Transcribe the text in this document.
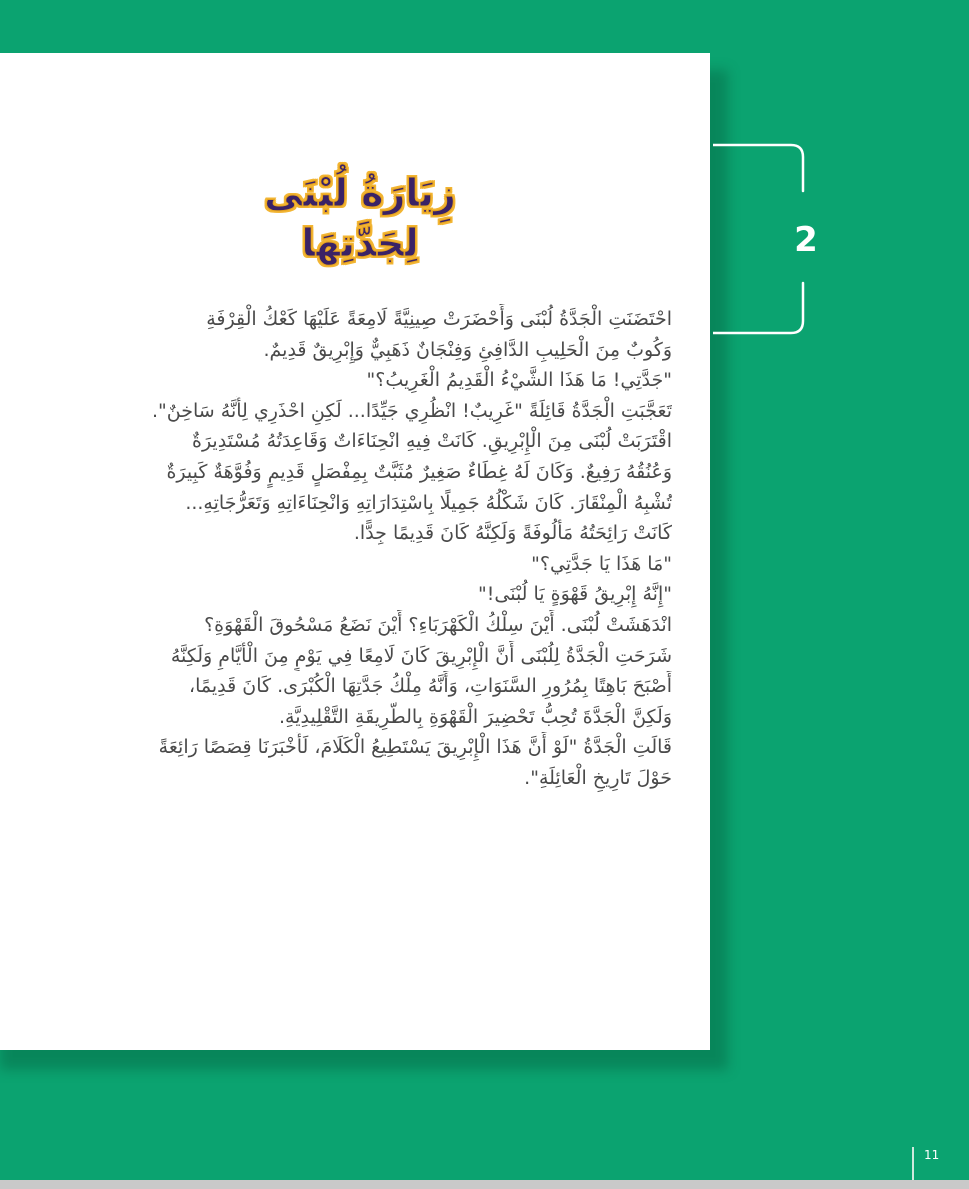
زِيَارَةُ لُبْنَى
لِجَدَّتِهَا
احْتَضَنَتِ الْجَدَّةُ لُبْنَى وَأَحْضَرَتْ صِينِيَّةً لَامِعَةً عَلَيْهَا كَعْكُ الْقِرْفَةِ
وَكُوبٌ مِنَ الْحَلِيبِ الدَّافِئِ وَفِنْجَانٌ ذَهَبِيٌّ وَإِبْرِيقٌ قَدِيمٌ.
"جَدَّتِي! مَا هَذَا الشَّيْءُ الْقَدِيمُ الْغَرِيبُ؟"
تَعَجَّبَتِ الْجَدَّةُ قَائِلَةً "غَرِيبٌ! انْظُرِي جَيِّدًا... لَكِنِ احْذَرِي لِأَنَّهُ سَاخِنٌ".
اقْتَرَبَتْ لُبْنَى مِنَ الْإِبْرِيقِ. كَانَتْ فِيهِ انْحِنَاءَاتٌ وَقَاعِدَتُهُ مُسْتَدِيرَةٌ
وَعُنُقُهُ رَفِيعٌ. وَكَانَ لَهُ غِطَاءٌ صَغِيرٌ مُثَبَّتٌ بِمِفْصَلٍ قَدِيمٍ وَفُوَّهَةٌ كَبِيرَةٌ
تُشْبِهُ الْمِنْقَارَ. كَانَ شَكْلُهُ جَمِيلًا بِاسْتِدَارَاتِهِ وَانْحِنَاءَاتِهِ وَتَعَرُّجَاتِهِ...
كَانَتْ رَائِحَتُهُ مَأْلُوفَةً وَلَكِنَّهُ كَانَ قَدِيمًا جِدًّا.
"مَا هَذَا يَا جَدَّتِي؟"
"إِنَّهُ إِبْرِيقُ قَهْوَةٍ يَا لُبْنَى!"
انْدَهَشَتْ لُبْنَى. أَيْنَ سِلْكُ الْكَهْرَبَاءِ؟ أَيْنَ نَضَعُ مَسْحُوقَ الْقَهْوَةِ؟
شَرَحَتِ الْجَدَّةُ لِلُبْنَى أَنَّ الْإِبْرِيقَ كَانَ لَامِعًا فِي يَوْمٍ مِنَ الْأَيَّامِ وَلَكِنَّهُ
أَصْبَحَ بَاهِتًا بِمُرُورِ السَّنَوَاتِ، وَأَنَّهُ مِلْكُ جَدَّتِهَا الْكُبْرَى. كَانَ قَدِيمًا،
وَلَكِنَّ الْجَدَّةَ تُحِبُّ تَحْضِيرَ الْقَهْوَةِ بِالطَّرِيقَةِ التَّقْلِيدِيَّةِ.
قَالَتِ الْجَدَّةُ "لَوْ أَنَّ هَذَا الْإِبْرِيقَ يَسْتَطِيعُ الْكَلَامَ، لَأَخْبَرَنَا قِصَصًا رَائِعَةً
حَوْلَ تَارِيخِ الْعَائِلَةِ".
2
11
